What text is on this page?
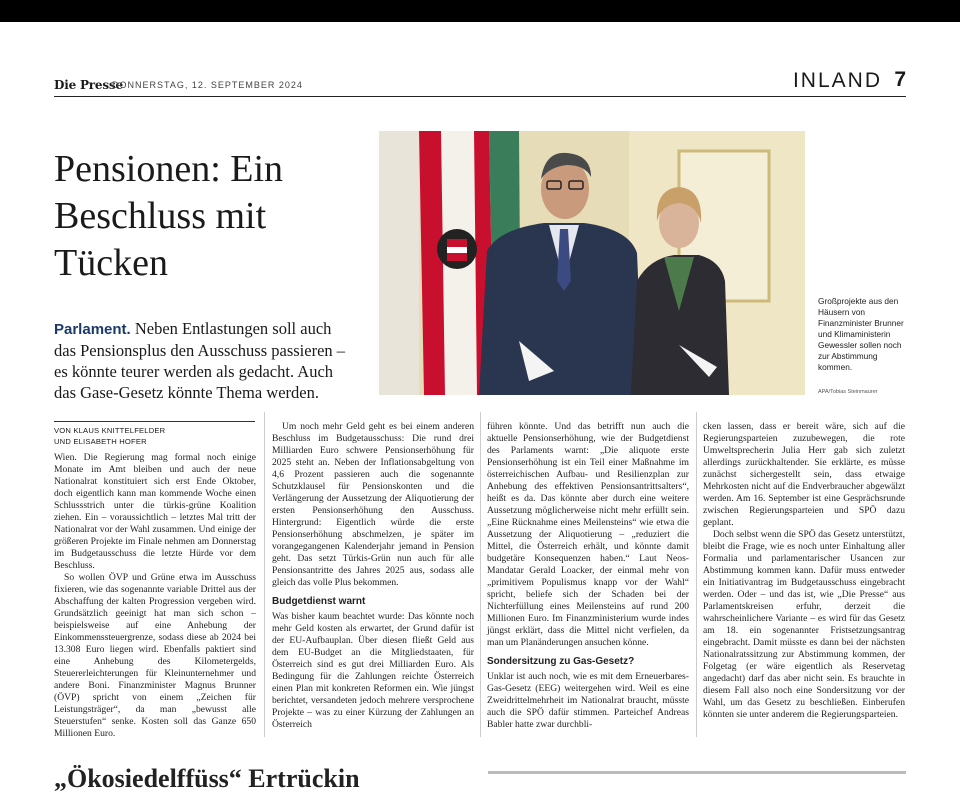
Die Presse
DONNERSTAG, 12. SEPTEMBER 2024	INLAND 7
Pensionen: Ein Beschluss mit Tücken

Parlament. Neben Entlastungen soll auch das Pensionsplus den Ausschuss passieren – es könnte teurer werden als gedacht. Auch das Gase-Gesetz könnte Thema werden.

Großprojekte aus den Häusern von Finanzminister Brunner und Klimaministerin Gewessler sollen noch zur Abstimmung kommen.
APA/Tobias Steinmaurer
VON KLAUS KNITTELFELDER
UND ELISABETH HOFER

Wien. Die Regierung mag formal noch einige Monate im Amt bleiben und auch der neue Nationalrat konstituiert sich erst Ende Oktober, doch eigentlich kann man kommende Woche einen Schlussstrich unter die türkis-grüne Koalition ziehen. Ein – voraussichtlich – letztes Mal tritt der Nationalrat vor der Wahl zusammen. Und einige der größeren Projekte im Finale nehmen am Donnerstag im Budgetausschuss die letzte Hürde vor dem Beschluss.

So wollen ÖVP und Grüne etwa im Ausschuss fixieren, wie das sogenannte variable Drittel aus der Abschaffung der kalten Progression vergeben wird. Grundsätzlich geeinigt hat man sich schon – beispielsweise auf eine Anhebung der Einkommenssteuergrenze, sodass diese ab 2024 bei 13.308 Euro liegen wird. Ebenfalls paktiert sind eine Anhebung des Kilometergelds, Steuererleichterungen für Kleinunternehmer und andere Boni. Finanzminister Magnus Brunner (ÖVP) spricht von einem „Zeichen für Leistungsträger“, da man „bewusst alle Steuerstufen“ senke. Kosten soll das Ganze 650 Millionen Euro.

Um noch mehr Geld geht es bei einem anderen Beschluss im Budgetausschuss: Die rund drei Milliarden Euro schwere Pensionserhöhung für 2025 steht an. Neben der Inflationsabgeltung von 4,6 Prozent passieren auch die sogenannte Schutzklausel für Pensionskonten und die Verlängerung der Aussetzung der Aliquotierung der ersten Pensionserhöhung den Ausschuss. Hintergrund: Eigentlich würde die erste Pensionserhöhung abschmelzen, je später im vorangegangenen Kalenderjahr jemand in Pension geht. Das setzt Türkis-Grün nun auch für alle Pensionsantritte des Jahres 2025 aus, sodass alle gleich das volle Plus bekommen.

Budgetdienst warnt

Was bisher kaum beachtet wurde: Das könnte noch mehr Geld kosten als erwartet, der Grund dafür ist der EU-Aufbauplan. Über diesen fließt Geld aus dem EU-Budget an die Mitgliedstaaten, für Österreich sind es gut drei Milliarden Euro. Als Bedingung für die Zahlungen reichte Österreich einen Plan mit konkreten Reformen ein. Wie jüngst berichtet, versandeten jedoch mehrere versprochene Projekte – was zu einer Kürzung der Zahlungen an Österreich

führen könnte. Und das betrifft nun auch die aktuelle Pensionserhöhung, wie der Budgetdienst des Parlaments warnt: „Die aliquote erste Pensionserhöhung ist ein Teil einer Maßnahme im österreichischen Aufbau- und Resilienzplan zur Anhebung des effektiven Pensionsantrittsalters“, heißt es da. Das könnte aber durch eine weitere Aussetzung möglicherweise nicht mehr erfüllt sein. „Eine Rücknahme eines Meilensteins“ wie etwa die Aussetzung der Aliquotierung – „reduziert die Mittel, die Österreich erhält, und könnte damit budgetäre Konsequenzen haben.“ Laut Neos-Mandatar Gerald Loacker, der einmal mehr von „primitivem Populismus knapp vor der Wahl“ spricht, beliefe sich der Schaden bei der Nichterfüllung eines Meilensteins auf rund 200 Millionen Euro. Im Finanzministerium wurde indes jüngst erklärt, dass die Mittel nicht verfielen, da man um Planänderungen ansuchen könne.

Sondersitzung zu Gas-Gesetz?

Unklar ist auch noch, wie es mit dem Erneuerbares-Gas-Gesetz (EEG) weitergehen wird. Weil es eine Zweidrittelmehrheit im Nationalrat braucht, müsste auch die SPÖ dafür stimmen. Parteichef Andreas Babler hatte zwar durchbli-

cken lassen, dass er bereit wäre, sich auf die Regierungsparteien zuzubewegen, die rote Umweltsprecherin Julia Herr gab sich zuletzt allerdings zurückhaltender. Sie erklärte, es müsse zunächst sichergestellt sein, dass etwaige Mehrkosten nicht auf die Endverbraucher abgewälzt werden. Am 16. September ist eine Gesprächsrunde zwischen Regierungsparteien und SPÖ dazu geplant.

Doch selbst wenn die SPÖ das Gesetz unterstützt, bleibt die Frage, wie es noch unter Einhaltung aller Formalia und parlamentarischer Usancen zur Abstimmung kommen kann. Dafür muss entweder ein Initiativantrag im Budgetausschuss eingebracht werden. Oder – und das ist, wie „Die Presse“ aus Parlamentskreisen erfuhr, derzeit die wahrscheinlichere Variante – es wird für das Gesetz am 18. ein sogenannter Fristsetzungsantrag eingebracht. Damit müsste es dann bei der nächsten Nationalratssitzung zur Abstimmung kommen, der Folgetag (er wäre eigentlich als Reservetag angedacht) darf das aber nicht sein. Es brauchte in diesem Fall also noch eine Sondersitzung vor der Wahl, um das Gesetz zu beschließen. Einberufen könnten sie unter anderem die Regierungsparteien.

„Ökosiedelffüss“ Ertrückin
